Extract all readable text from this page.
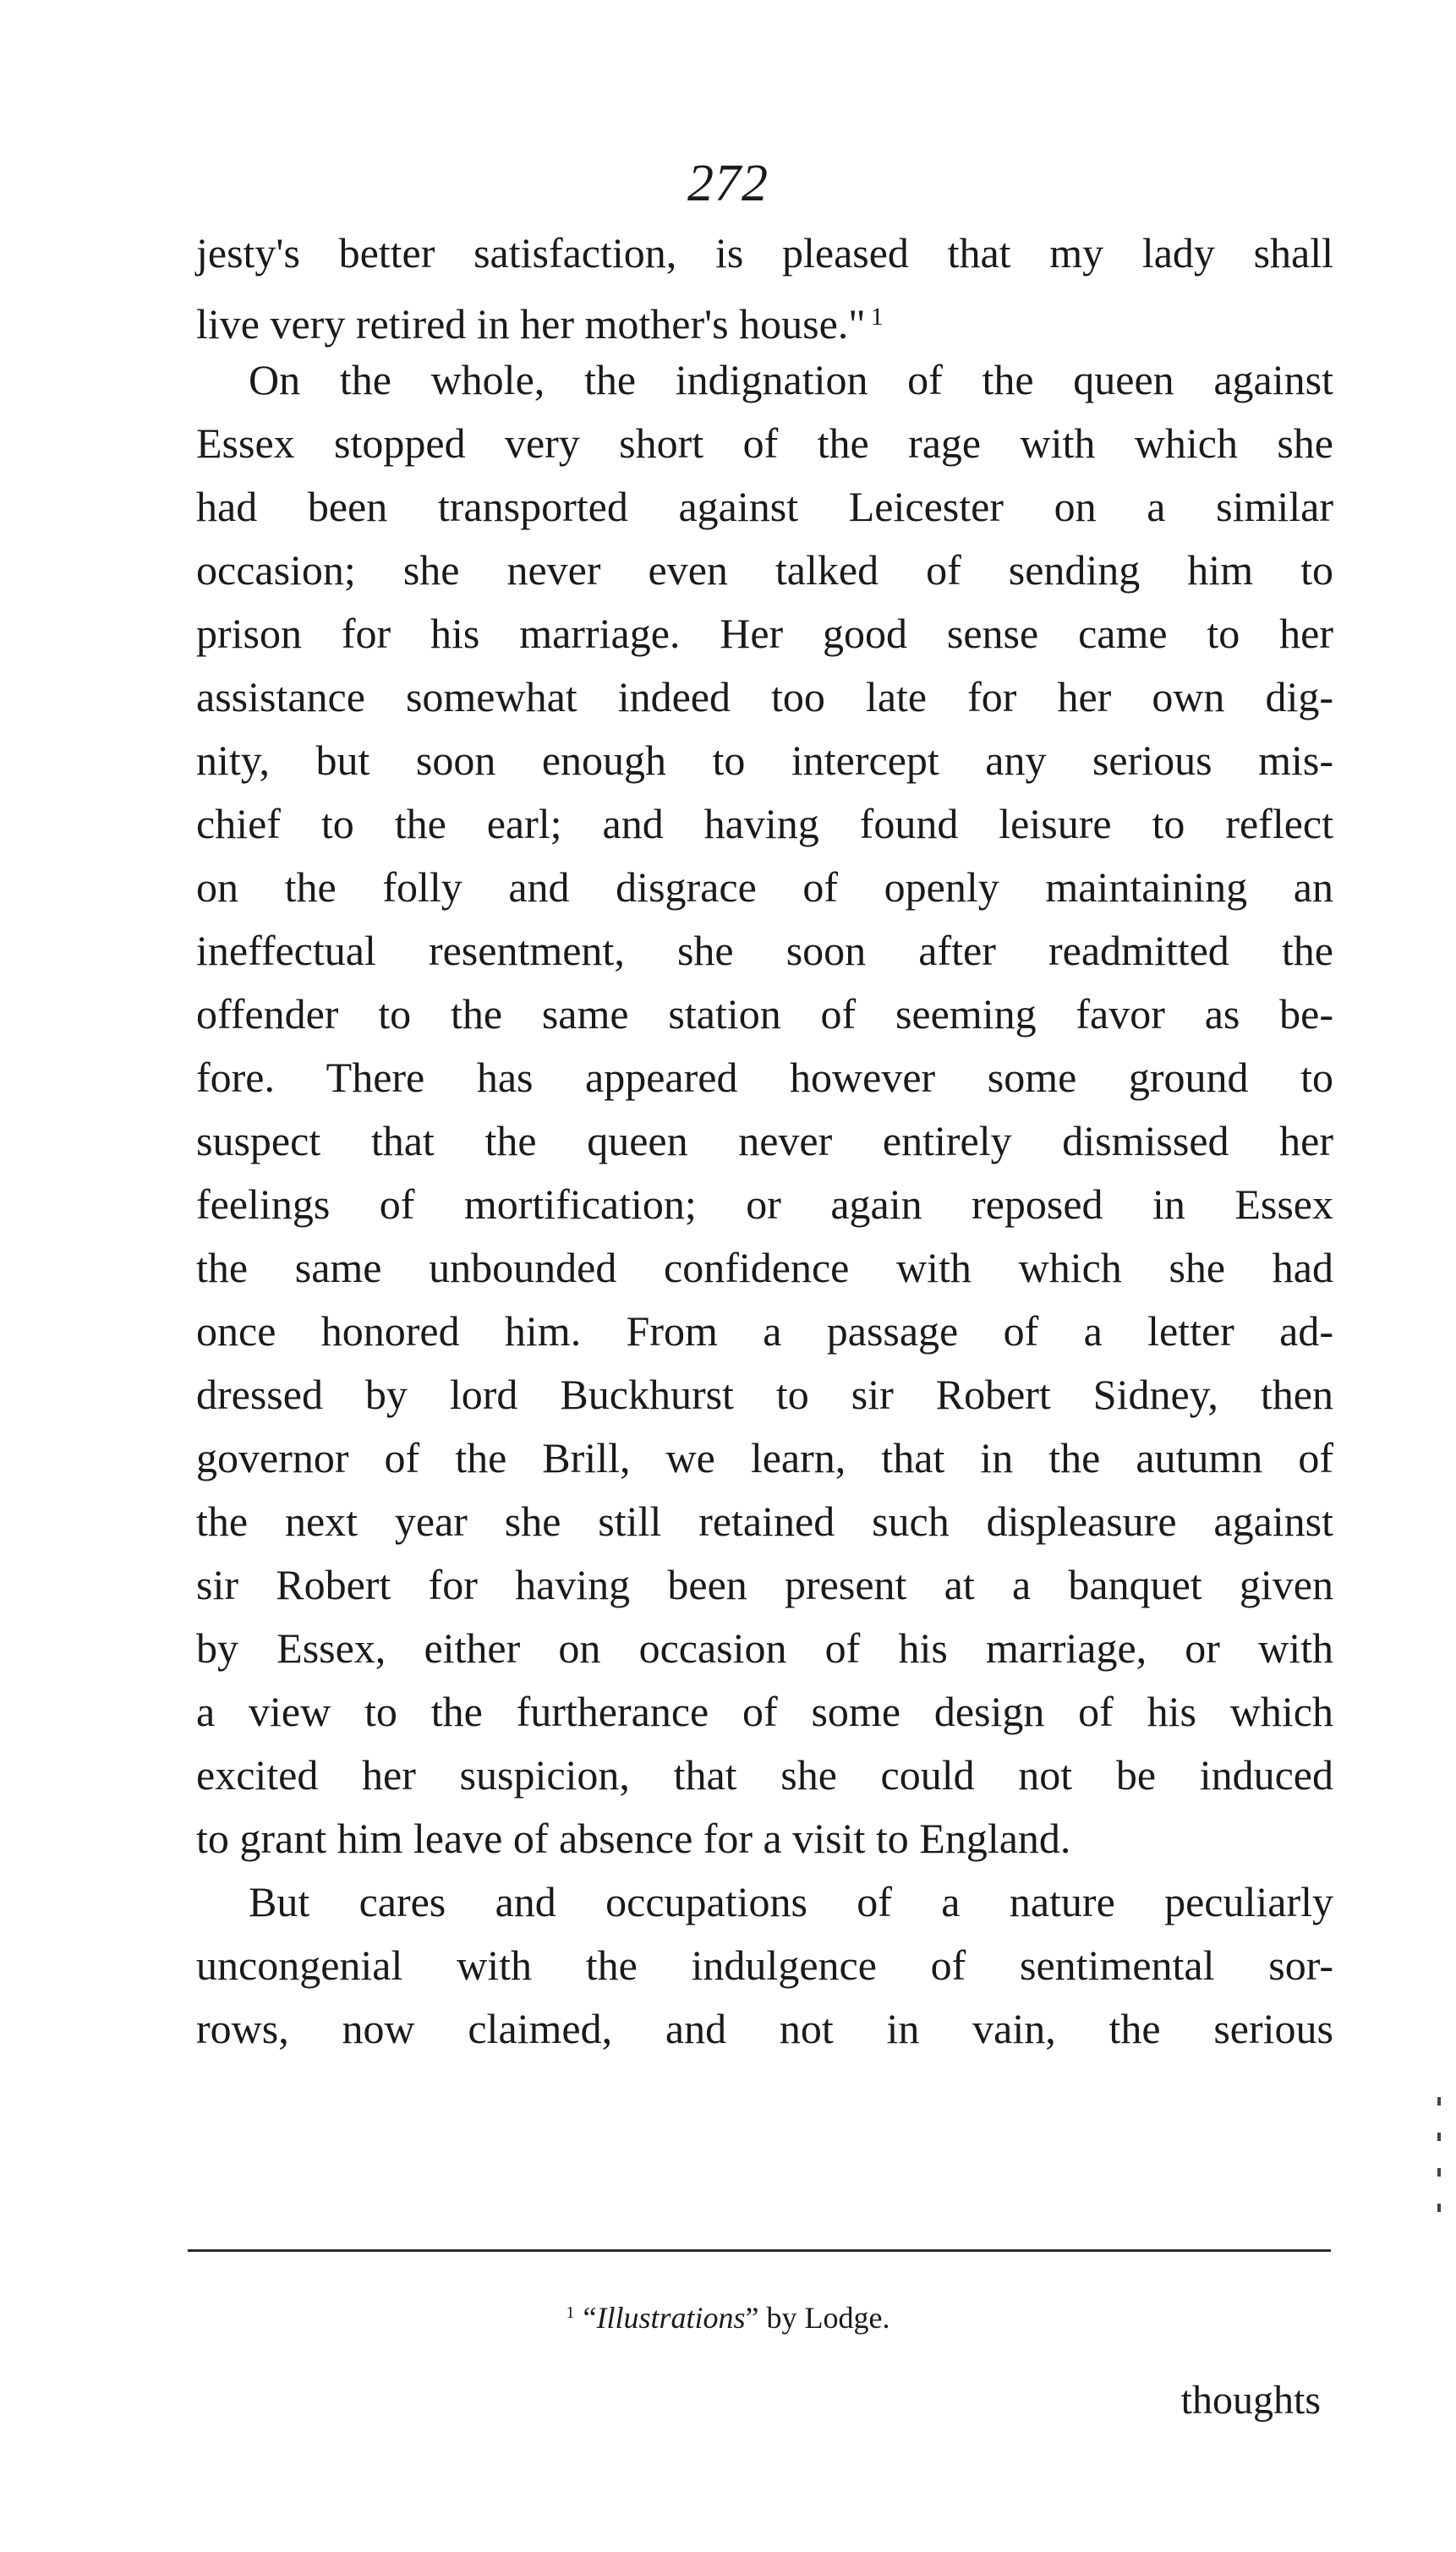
272
jesty's better satisfaction, is pleased that my lady shall
live very retired in her mother's house." $^1$
On the whole, the indignation of the queen against
Essex stopped very short of the rage with which she
had been transported against Leicester on a similar
occasion; she never even talked of sending him to
prison for his marriage. Her good sense came to her
assistance somewhat indeed too late for her own dig-
nity, but soon enough to intercept any serious mis-
chief to the earl; and having found leisure to reflect
on the folly and disgrace of openly maintaining an
ineffectual resentment, she soon after readmitted the
offender to the same station of seeming favor as be-
fore. There has appeared however some ground to
suspect that the queen never entirely dismissed her
feelings of mortification; or again reposed in Essex
the same unbounded confidence with which she had
once honored him. From a passage of a letter ad-
dressed by lord Buckhurst to sir Robert Sidney, then
governor of the Brill, we learn, that in the autumn of
the next year she still retained such displeasure against
sir Robert for having been present at a banquet given
by Essex, either on occasion of his marriage, or with
a view to the furtherance of some design of his which
excited her suspicion, that she could not be induced
to grant him leave of absence for a visit to England.
But cares and occupations of a nature peculiarly
uncongenial with the indulgence of sentimental sor-
rows, now claimed, and not in vain, the serious
$^1$ “Illustrations” by Lodge.
thoughts
